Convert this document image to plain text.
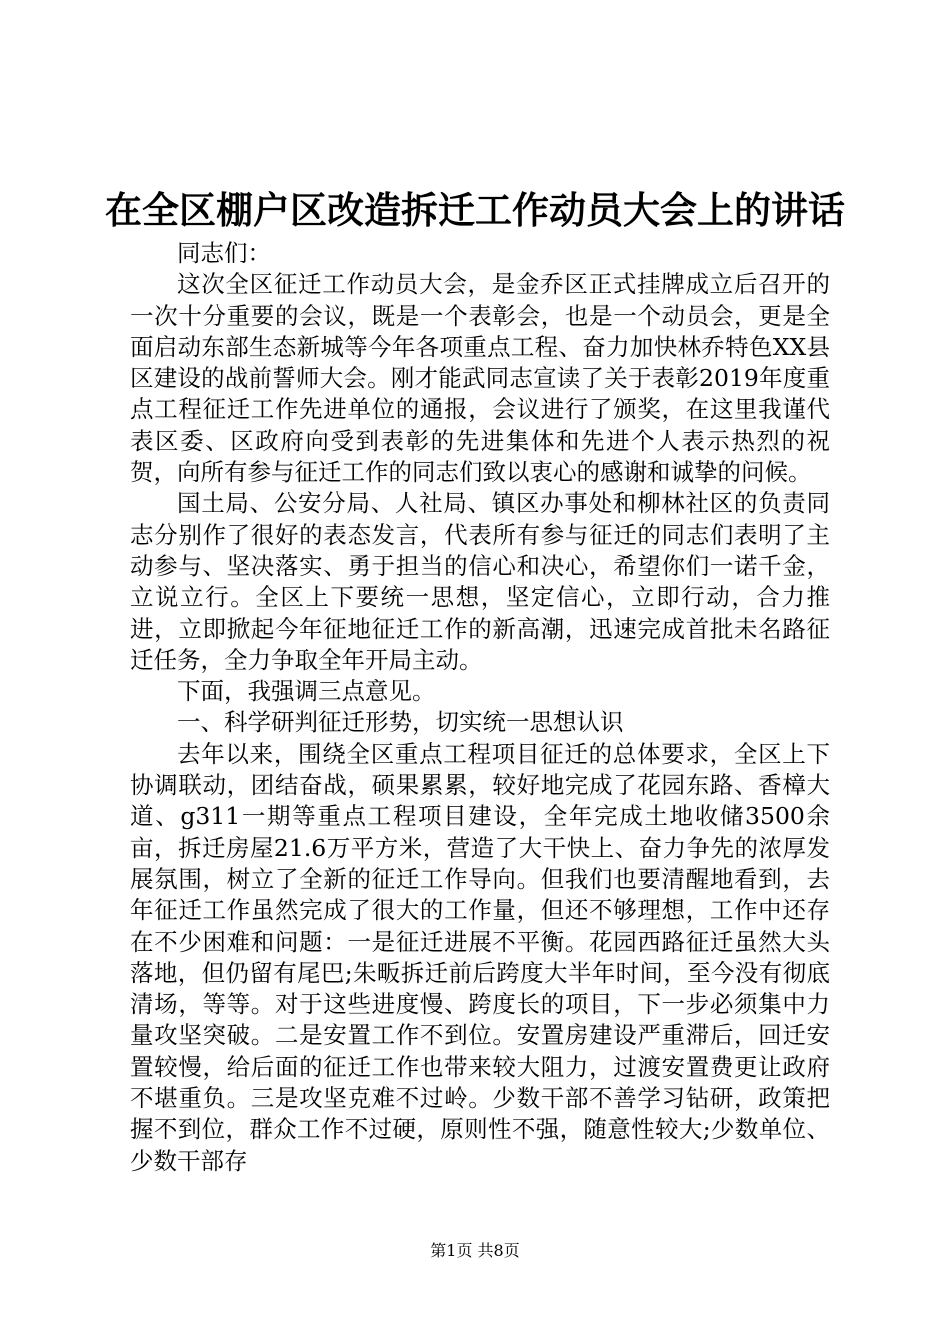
在全区棚户区改造拆迁工作动员大会上的讲话

同志们：

这次全区征迁工作动员大会，是金乔区正式挂牌成立后召开的一次十分重要的会议，既是一个表彰会，也是一个动员会，更是全面启动东部生态新城等今年各项重点工程、奋力加快林乔特色XX县区建设的战前誓师大会。刚才能武同志宣读了关于表彰2019年度重点工程征迁工作先进单位的通报，会议进行了颁奖，在这里我谨代表区委、区政府向受到表彰的先进集体和先进个人表示热烈的祝贺，向所有参与征迁工作的同志们致以衷心的感谢和诚挚的问候。

国土局、公安分局、人社局、镇区办事处和柳林社区的负责同志分别作了很好的表态发言，代表所有参与征迁的同志们表明了主动参与、坚决落实、勇于担当的信心和决心，希望你们一诺千金，立说立行。全区上下要统一思想，坚定信心，立即行动，合力推进，立即掀起今年征地征迁工作的新高潮，迅速完成首批未名路征迁任务，全力争取全年开局主动。

下面，我强调三点意见。

一、科学研判征迁形势，切实统一思想认识

去年以来，围绕全区重点工程项目征迁的总体要求，全区上下协调联动，团结奋战，硕果累累，较好地完成了花园东路、香樟大道、g311一期等重点工程项目建设，全年完成土地收储3500余亩，拆迁房屋21.6万平方米，营造了大干快上、奋力争先的浓厚发展氛围，树立了全新的征迁工作导向。但我们也要清醒地看到，去年征迁工作虽然完成了很大的工作量，但还不够理想，工作中还存在不少困难和问题：一是征迁进展不平衡。花园西路征迁虽然大头落地，但仍留有尾巴;朱畈拆迁前后跨度大半年时间，至今没有彻底清场，等等。对于这些进度慢、跨度长的项目，下一步必须集中力量攻坚突破。二是安置工作不到位。安置房建设严重滞后，回迁安置较慢，给后面的征迁工作也带来较大阻力，过渡安置费更让政府不堪重负。三是攻坚克难不过岭。少数干部不善学习钻研，政策把握不到位，群众工作不过硬，原则性不强，随意性较大;少数单位、少数干部存

第1页 共8页
